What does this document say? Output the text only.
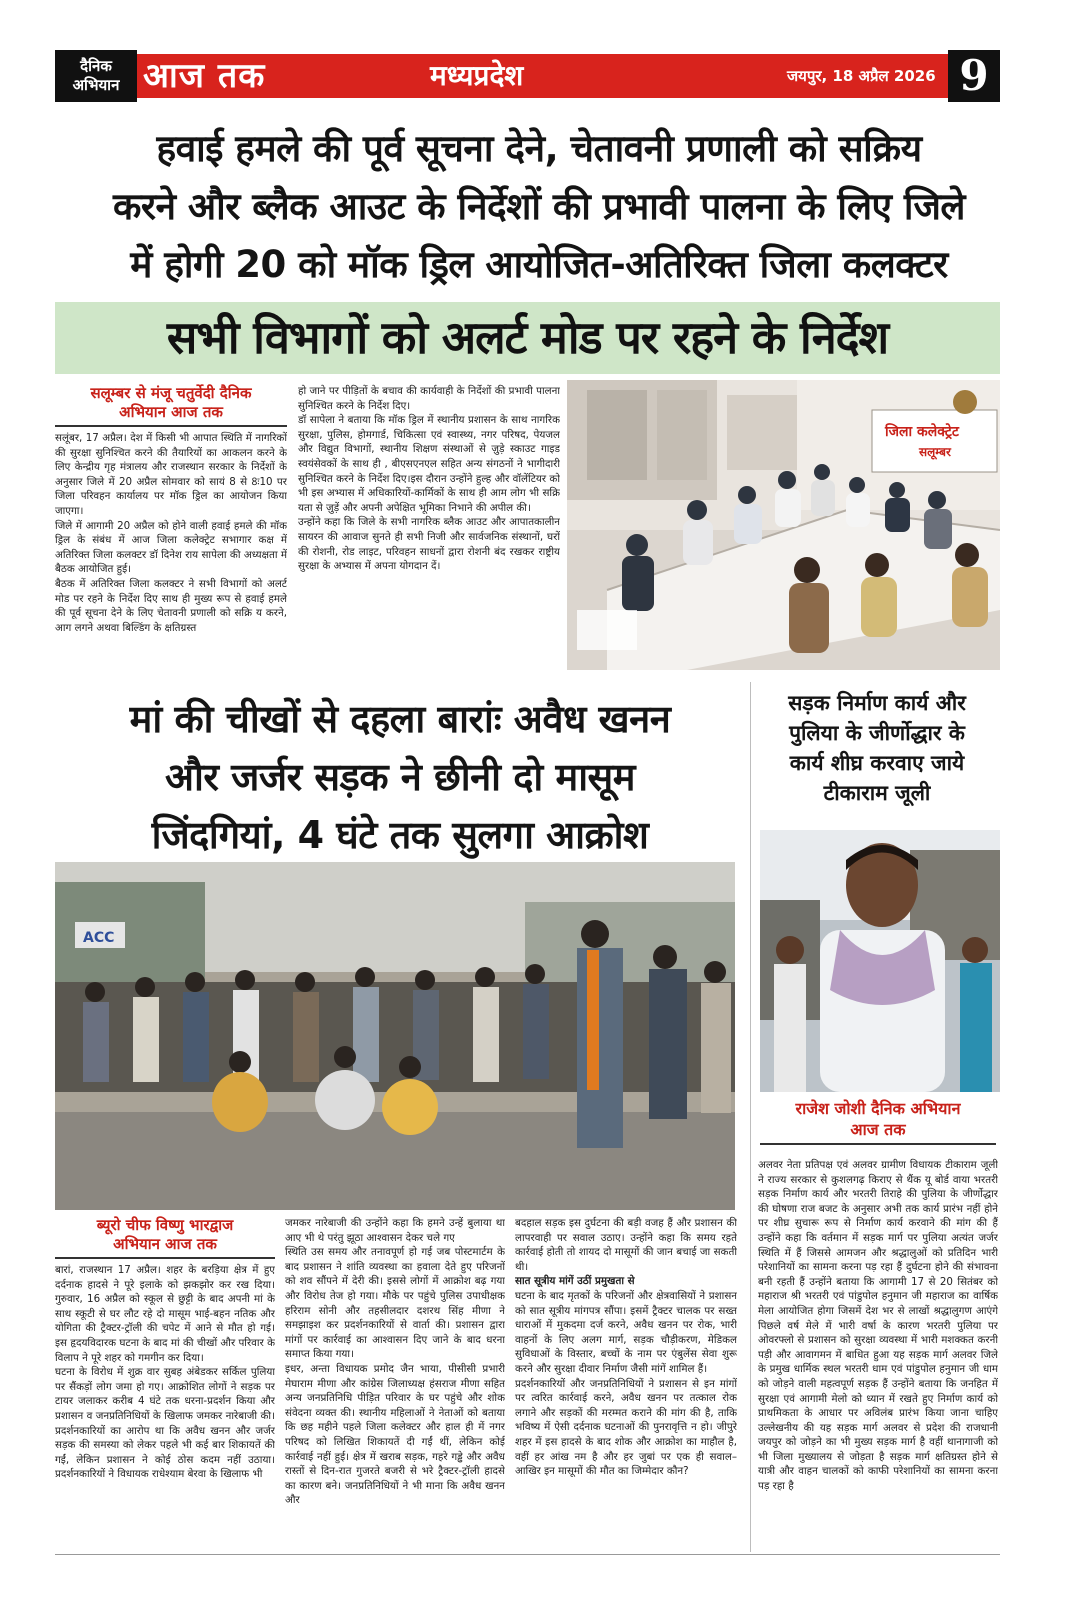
दैनिक
अभियान आज तक	मध्यप्रदेश	जयपुर, 18 अप्रैल 2026 9
हवाई हमले की पूर्व सूचना देने, चेतावनी प्रणाली को सक्रिय
करने और ब्लैक आउट के निर्देशों की प्रभावी पालना के लिए जिले
में होगी 20 को मॉक ड्रिल आयोजित-अतिरिक्त जिला कलक्टर
सभी विभागों को अलर्ट मोड पर रहने के निर्देश
सलूम्बर से मंजू चतुर्वेदी दैनिक
अभियान आज तक

सलूंबर, 17 अप्रैल। देश में किसी भी आपात स्थिति में नागरिकों की सुरक्षा सुनिश्चित करने की तैयारियों का आकलन करने के लिए केन्द्रीय गृह मंत्रालय और राजस्थान सरकार के निर्देशों के अनुसार जिले में 20 अप्रैल सोमवार को सायं 8 से 8ः10 पर जिला परिवहन कार्यालय पर मॉक ड्रिल का आयोजन किया जाएगा।

जिले में आगामी 20 अप्रैल को होने वाली हवाई हमले की मॉक ड्रिल के संबंध में आज जिला कलेक्ट्रेट सभागार कक्ष में अतिरिक्त जिला कलक्टर डॉ दिनेश राय सापेला की अध्यक्षता में बैठक आयोजित हुई।

बैठक में अतिरिक्त जिला कलक्टर ने सभी विभागों को अलर्ट मोड पर रहने के निर्देश दिए साथ ही मुख्य रूप से हवाई हमले की पूर्व सूचना देने के लिए चेतावनी प्रणाली को सक्रि य करने, आग लगने अथवा बिल्डिंग के क्षतिग्रस्त

हो जाने पर पीड़ितों के बचाव की कार्यवाही के निर्देशों की प्रभावी पालना सुनिश्चित करने के निर्देश दिए।

डॉ सापेला ने बताया कि मॉक ड्रिल में स्थानीय प्रशासन के साथ नागरिक सुरक्षा, पुलिस, होमगार्ड, चिकित्सा एवं स्वास्थ्य, नगर परिषद, पेयजल और विद्युत विभागों, स्थानीय शिक्षण संस्थाओं से जु़ड़े स्काउट गाइड स्वयंसेवकों के साथ ही , बीएसएनएल सहित अन्य संगठनों ने भागीदारी सुनिश्चित करने के निर्देश दिए।इस दौरान उन्होंने हुल्ह और वॉलेंटियर को भी इस अभ्यास में अधिकारियों-कार्मिकों के साथ ही आम लोग भी सक्रि यता से जु़ड़ें और अपनी अपेक्षित भूमिका निभाने की अपील की।

उन्होंने कहा कि जिले के सभी नागरिक ब्लैक आउट और आपातकालीन सायरन की आवाज सुनते ही सभी निजी और सार्वजनिक संस्थानों, घरों की रोशनी, रोड लाइट, परिवहन साधनों द्वारा रोशनी बंद रखकर राष्ट्रीय सुरक्षा के अभ्यास में अपना योगदान दें।

जिला कलेक्ट्रेट
सलूम्बर
मां की चीखों से दहला बारांः अवैध खनन
और जर्जर सड़क ने छीनी दो मासूम
जिंदगियां, 4 घंटे तक सुलगा आक्रोश
ACC
ब्यूरो चीफ विष्णु भारद्वाज
अभियान आज तक

बारां, राजस्थान 17 अप्रैल। शहर के बरड़िया क्षेत्र में हुए दर्दनाक हादसे ने पूरे इलाके को झकझोर कर रख दिया। गुरुवार, 16 अप्रैल को स्कूल से छुट्टी के बाद अपनी मां के साथ स्कूटी से घर लौट रहे दो मासूम भाई-बहन नतिक और योगिता की ट्रैक्टर-ट्रॉली की चपेट में आने से मौत हो गई। इस हृदयविदारक घटना के बाद मां की चीखों और परिवार के विलाप ने पूरे शहर को गमगीन कर दिया।

घटना के विरोध में शुक्र वार सुबह अंबेडकर सर्किल पुलिया पर सैंकड़ों लोग जमा हो गए। आक्रोशित लोगों ने सड़क पर टायर जलाकर करीब 4 घंटे तक धरना-प्रदर्शन किया और प्रशासन व जनप्रतिनिधियों के खिलाफ जमकर नारेबाजी की। प्रदर्शनकारियों का आरोप था कि अवैध खनन और जर्जर सड़क की समस्या को लेकर पहले भी कई बार शिकायतें की गईं, लेकिन प्रशासन ने कोई ठोस कदम नहीं उठाया। प्रदर्शनकारियों ने विधायक राधेश्याम बेरवा के खिलाफ भी

जमकर नारेबाजी की उन्होंने कहा कि हमने उन्हें बुलाया था आए भी थे परंतु झूठा आश्वासन देकर चले गए

स्थिति उस समय और तनावपूर्ण हो गई जब पोस्टमार्टम के बाद प्रशासन ने शांति व्यवस्था का हवाला देते हुए परिजनों को शव सौंपने में देरी की। इससे लोगों में आक्रोश बढ़ गया और विरोध तेज हो गया। मौके पर पहुंचे पुलिस उपाधीक्षक हरिराम सोनी और तहसीलदार दशरथ सिंह मीणा ने समझाइश कर प्रदर्शनकारियों से वार्ता की। प्रशासन द्वारा मांगों पर कार्रवाई का आश्वासन दिए जाने के बाद धरना समाप्त किया गया।

इधर, अन्ता विधायक प्रमोद जैन भाया, पीसीसी प्रभारी मेघाराम मीणा और कांग्रेस जिलाध्यक्ष हंसराज मीणा सहित अन्य जनप्रतिनिधि पीड़ित परिवार के घर पहुंचे और शोक संवेदना व्यक्त की। स्थानीय महिलाओं ने नेताओं को बताया कि छह महीने पहले जिला कलेक्टर और हाल ही में नगर परिषद को लिखित शिकायतें दी गईं थीं, लेकिन कोई कार्रवाई नहीं हुई। क्षेत्र में खराब सड़क, गहरे गड्ढे और अवैध रास्तों से दिन-रात गुजरते बजरी से भरे ट्रैक्टर-ट्रॉली हादसे का कारण बने। जनप्रतिनिधियों ने भी माना कि अवैध खनन और

बदहाल सड़क इस दुर्घटना की बड़ी वजह हैं और प्रशासन की लापरवाही पर सवाल उठाए। उन्होंने कहा कि समय रहते कार्रवाई होती तो शायद दो मासूमों की जान बचाई जा सकती थी।

सात सूत्रीय मांगें उठीं प्रमुखता से

घटना के बाद मृतकों के परिजनों और क्षेत्रवासियों ने प्रशासन को सात सूत्रीय मांगपत्र सौंपा। इसमें ट्रैक्टर चालक पर सख्त धाराओं में मुकदमा दर्ज करने, अवैध खनन पर रोक, भारी वाहनों के लिए अलग मार्ग, सड़क चौड़ीकरण, मेडिकल सुविधाओं के विस्तार, बच्चों के नाम पर एंबुलेंस सेवा शुरू करने और सुरक्षा दीवार निर्माण जैसी मांगें शामिल हैं।

प्रदर्शनकारियों और जनप्रतिनिधियों ने प्रशासन से इन मांगों पर त्वरित कार्रवाई करने, अवैध खनन पर तत्काल रोक लगाने और सड़कों की मरम्मत कराने की मांग की है, ताकि भविष्य में ऐसी दर्दनाक घटनाओं की पुनरावृत्ति न हो। जीपुरे शहर में इस हादसे के बाद शोक और आक्रोश का माहौल है, वहीं हर आंख नम है और हर जुबां पर एक ही सवाल– आखिर इन मासूमों की मौत का जिम्मेदार कौन?

सड़क निर्माण कार्य और
पुलिया के जीर्णोद्धार के
कार्य शीघ्र करवाए जाये
टीकाराम जूली
राजेश जोशी दैनिक अभियान
आज तक

अलवर नेता प्रतिपक्ष एवं अलवर ग्रामीण विधायक टीकाराम जूली ने राज्य सरकार से कुशलगढ़ किराए से थैंक यू बोर्ड वाया भरतरी सड़क निर्माण कार्य और भरतरी तिराहे की पुलिया के जीर्णोद्धार की घोषणा राज बजट के अनुसार अभी तक कार्य प्रारंभ नहीं होने पर शीघ्र सुचारू रूप से निर्माण कार्य करवाने की मांग की हैं उन्होंने कहा कि वर्तमान में सड़क मार्ग पर पुलिया अत्यंत जर्जर स्थिति में हैं जिससे आमजन और श्रद्धालुओं को प्रतिदिन भारी परेशानियों का सामना करना पड़ रहा हैं दुर्घटना होने की संभावना बनी रहती हैं उन्होंने बताया कि आगामी 17 से 20 सितंबर को महाराज श्री भरतरी एवं पांडुपोल हनुमान जी महाराज का वार्षिक मेला आयोजित होगा जिसमें देश भर से लाखों श्रद्धालुगण आएंगे पिछले वर्ष मेले में भारी वर्षा के कारण भरतरी पुलिया पर ओवरफ्लो से प्रशासन को सुरक्षा व्यवस्था में भारी मशक्कत करनी पड़ी और आवागमन में बाधित हुआ यह सड़क मार्ग अलवर जिले के प्रमुख धार्मिक स्थल भरतरी धाम एवं पांडुपोल हनुमान जी धाम को जोड़ने वाली महत्वपूर्ण सड़क हैं उन्होंने बताया कि जनहित में सुरक्षा एवं आगामी मेलो को ध्यान में रखते हुए निर्माण कार्य को प्राथमिकता के आधार पर अविलंब प्रारंभ किया जाना चाहिए उल्लेखनीय की यह सड़क मार्ग अलवर से प्रदेश की राजधानी जयपुर को जोड़ने का भी मुख्य सड़क मार्ग है वहीं थानागाजी को भी जिला मुख्यालय से जोड़ता है सड़क मार्ग क्षतिग्रस्त होने से यात्री और वाहन चालकों को काफी परेशानियों का सामना करना पड़ रहा है
